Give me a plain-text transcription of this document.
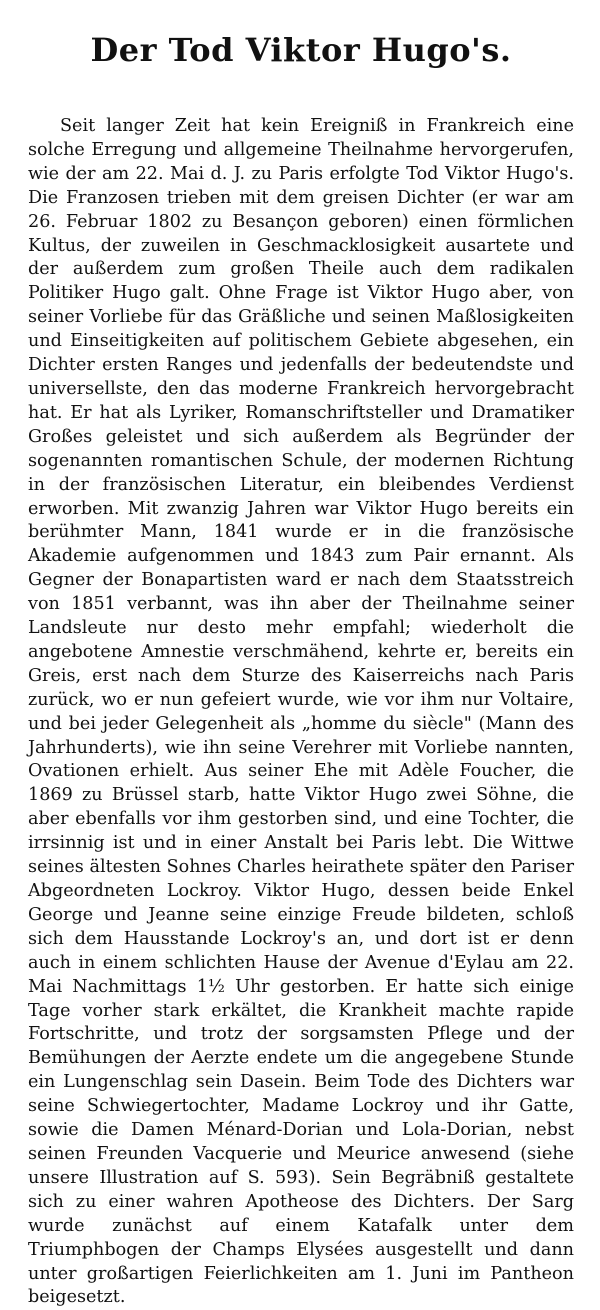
Der Tod Viktor Hugo's.

Seit langer Zeit hat kein Ereigniß in Frankreich eine solche Erregung und allgemeine Theilnahme hervorgerufen, wie der am 22. Mai d. J. zu Paris erfolgte Tod Viktor Hugo's. Die Franzosen trieben mit dem greisen Dichter (er war am 26. Februar 1802 zu Besançon geboren) einen förmlichen Kultus, der zuweilen in Geschmacklosigkeit ausartete und der außerdem zum großen Theile auch dem radikalen Politiker Hugo galt. Ohne Frage ist Viktor Hugo aber, von seiner Vorliebe für das Gräßliche und seinen Maßlosigkeiten und Einseitigkeiten auf politischem Gebiete abgesehen, ein Dichter ersten Ranges und jedenfalls der bedeutendste und universellste, den das moderne Frankreich hervorgebracht hat. Er hat als Lyriker, Romanschriftsteller und Dramatiker Großes geleistet und sich außerdem als Begründer der sogenannten romantischen Schule, der modernen Richtung in der französischen Literatur, ein bleibendes Verdienst erworben. Mit zwanzig Jahren war Viktor Hugo bereits ein berühmter Mann, 1841 wurde er in die französische Akademie aufgenommen und 1843 zum Pair ernannt. Als Gegner der Bonapartisten ward er nach dem Staatsstreich von 1851 verbannt, was ihn aber der Theilnahme seiner Landsleute nur desto mehr empfahl; wiederholt die angebotene Amnestie verschmähend, kehrte er, bereits ein Greis, erst nach dem Sturze des Kaiserreichs nach Paris zurück, wo er nun gefeiert wurde, wie vor ihm nur Voltaire, und bei jeder Gelegenheit als „homme du siècle" (Mann des Jahrhunderts), wie ihn seine Verehrer mit Vorliebe nannten, Ovationen erhielt. Aus seiner Ehe mit Adèle Foucher, die 1869 zu Brüssel starb, hatte Viktor Hugo zwei Söhne, die aber ebenfalls vor ihm gestorben sind, und eine Tochter, die irrsinnig ist und in einer Anstalt bei Paris lebt. Die Wittwe seines ältesten Sohnes Charles heirathete später den Pariser Abgeordneten Lockroy. Viktor Hugo, dessen beide Enkel George und Jeanne seine einzige Freude bildeten, schloß sich dem Hausstande Lockroy's an, und dort ist er denn auch in einem schlichten Hause der Avenue d'Eylau am 22. Mai Nachmittags 1½ Uhr gestorben. Er hatte sich einige Tage vorher stark erkältet, die Krankheit machte rapide Fortschritte, und trotz der sorgsamsten Pflege und der Bemühungen der Aerzte endete um die angegebene Stunde ein Lungenschlag sein Dasein. Beim Tode des Dichters war seine Schwiegertochter, Madame Lockroy und ihr Gatte, sowie die Damen Ménard-Dorian und Lola-Dorian, nebst seinen Freunden Vacquerie und Meurice anwesend (siehe unsere Illustration auf S. 593). Sein Begräbniß gestaltete sich zu einer wahren Apotheose des Dichters. Der Sarg wurde zunächst auf einem Katafalk unter dem Triumphbogen der Champs Elysées ausgestellt und dann unter großartigen Feierlichkeiten am 1. Juni im Pantheon beigesetzt.
